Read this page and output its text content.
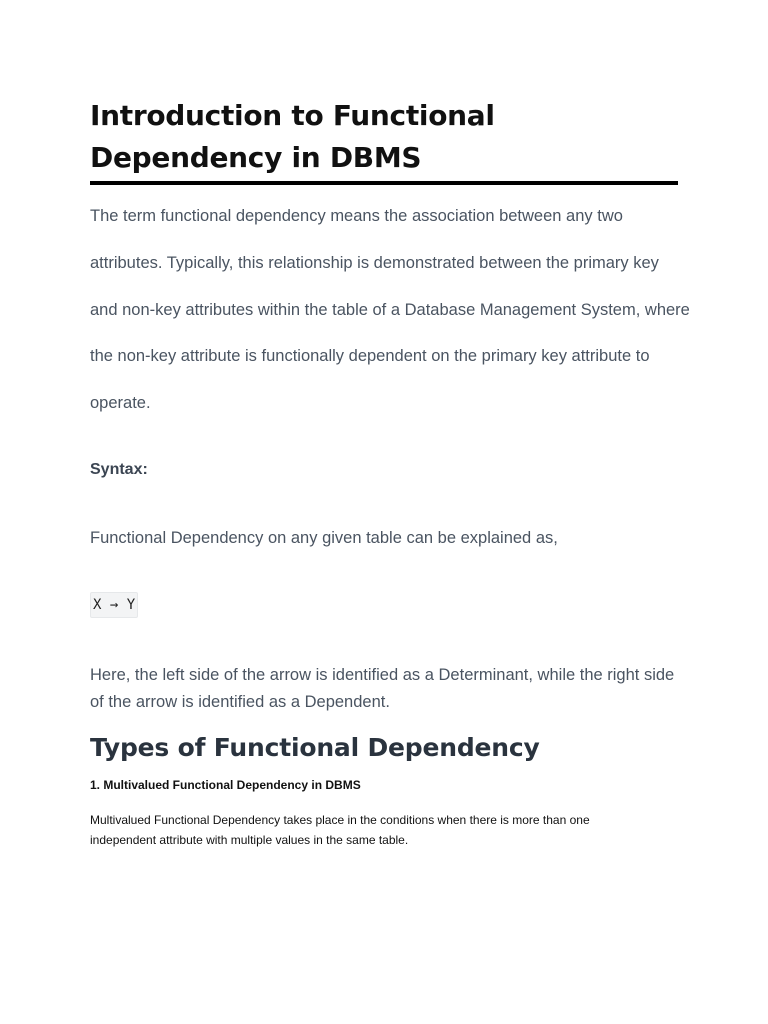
Introduction to Functional Dependency in DBMS

The term functional dependency means the association between any two attributes. Typically, this relationship is demonstrated between the primary key and non-key attributes within the table of a Database Management System, where the non-key attribute is functionally dependent on the primary key attribute to operate.

Syntax:

Functional Dependency on any given table can be explained as,

X → Y

Here, the left side of the arrow is identified as a Determinant, while the right side of the arrow is identified as a Dependent.

Types of Functional Dependency
1. Multivalued Functional Dependency in DBMS

Multivalued Functional Dependency takes place in the conditions when there is more than one independent attribute with multiple values in the same table.
